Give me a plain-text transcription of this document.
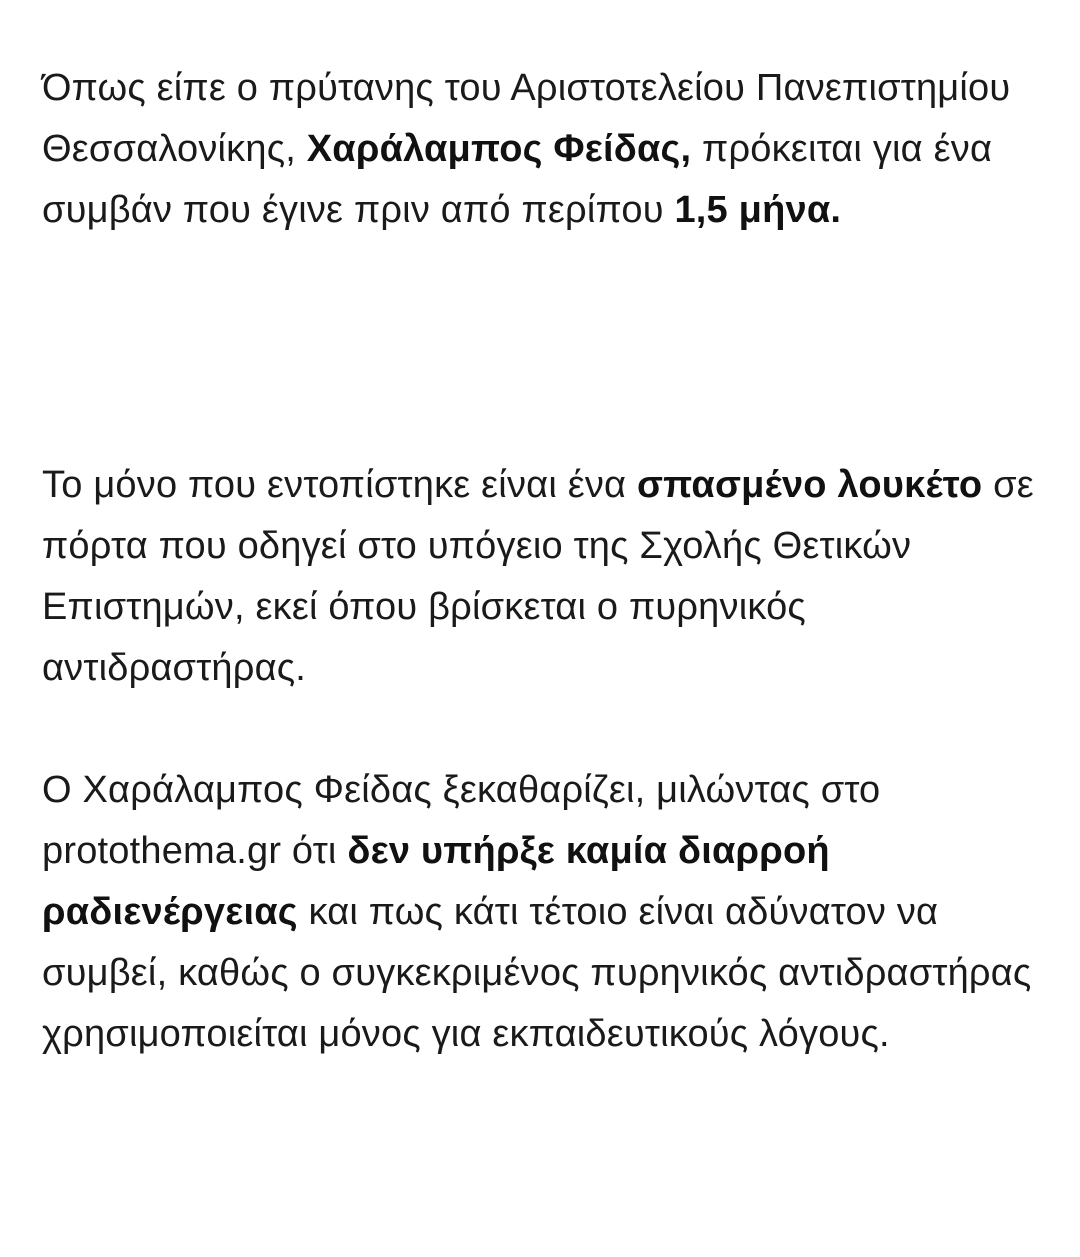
Όπως είπε ο πρύτανης του Αριστοτελείου Πανεπιστημίου Θεσσαλονίκης, Χαράλαμπος Φείδας, πρόκειται για ένα συμβάν που έγινε πριν από περίπου 1,5 μήνα.

Το μόνο που εντοπίστηκε είναι ένα σπασμένο λουκέτο σε πόρτα που οδηγεί στο υπόγειο της Σχολής Θετικών Επιστημών, εκεί όπου βρίσκεται ο πυρηνικός αντιδραστήρας.

Ο Χαράλαμπος Φείδας ξεκαθαρίζει, μιλώντας στο protothema.gr ότι δεν υπήρξε καμία διαρροή ραδιενέργειας και πως κάτι τέτοιο είναι αδύνατον να συμβεί, καθώς ο συγκεκριμένος πυρηνικός αντιδραστήρας χρησιμοποιείται μόνος για εκπαιδευτικούς λόγους.
